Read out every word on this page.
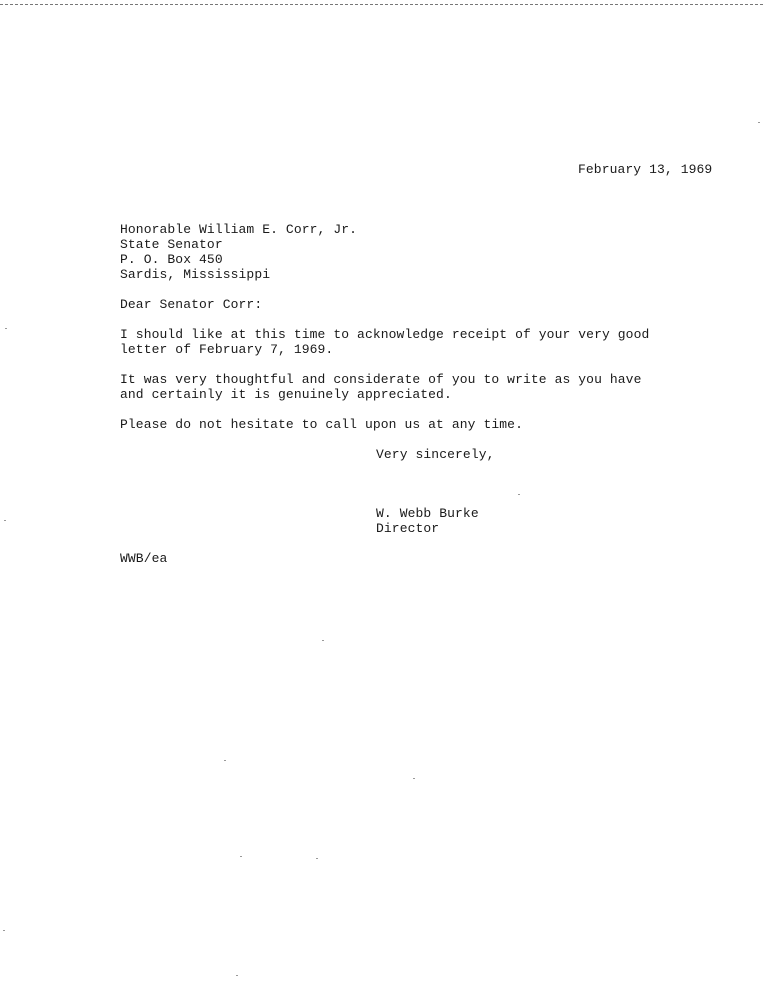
February 13, 1969
Honorable William E. Corr, Jr.
State Senator
P. O. Box 450
Sardis, Mississippi
Dear Senator Corr:
I should like at this time to acknowledge receipt of your very good
letter of February 7, 1969.
It was very thoughtful and considerate of you to write as you have
and certainly it is genuinely appreciated.
Please do not hesitate to call upon us at any time.
Very sincerely,
W. Webb Burke
Director
WWB/ea
